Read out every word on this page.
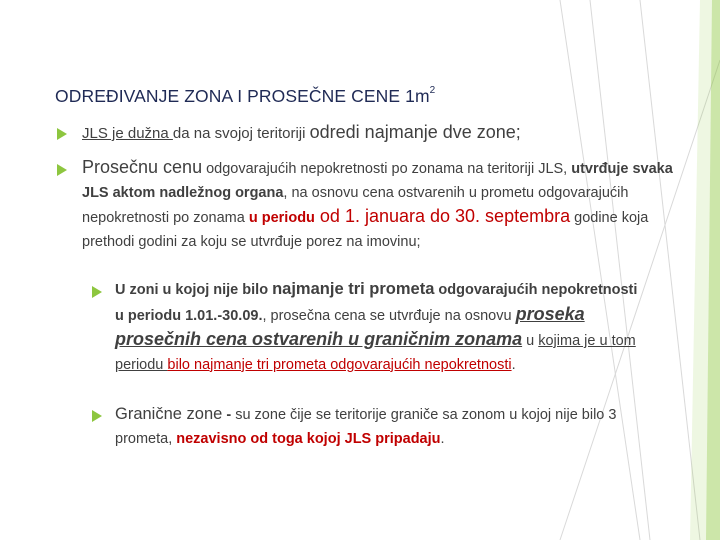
ODREĐIVANJE ZONA I PROSEČNE CENE $1m^2$
JLS je dužna da na svojoj teritoriji odredi najmanje dve zone;
Prosečnu cenu odgovarajućih nepokretnosti po zonama na teritoriji JLS, utvrđuje svaka JLS aktom nadležnog organa, na osnovu cena ostvarenih u prometu odgovarajućih nepokretnosti po zonama u periodu od 1. januara do 30. septembra godine koja prethodi godini za koju se utvrđuje porez na imovinu;
U zoni u kojoj nije bilo najmanje tri prometa odgovarajućih nepokretnosti u periodu 1.01.-30.09., prosečna cena se utvrđuje na osnovu proseka prosečnih cena ostvarenih u graničnim zonama u kojima je u tom periodu bilo najmanje tri prometa odgovarajućih nepokretnosti.
Granične zone - su zone čije se teritorije graniče sa zonom u kojoj nije bilo 3 prometa, nezavisno od toga kojoj JLS pripadaju.
